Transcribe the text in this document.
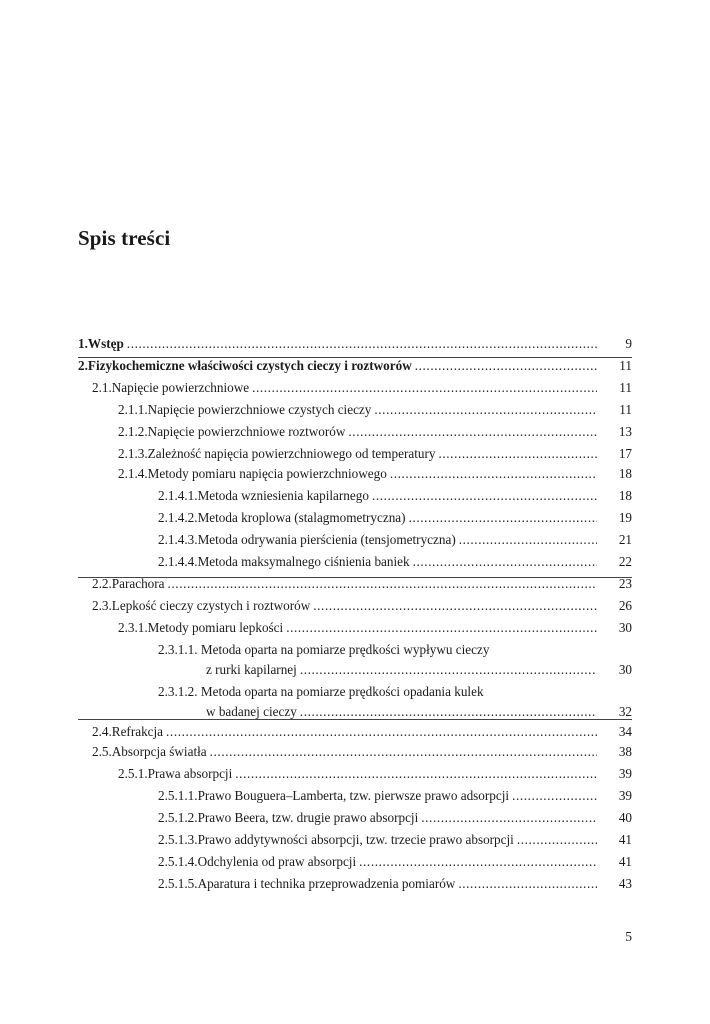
Spis treści
1. Wstęp .....	9
2. Fizykochemiczne właściwości czystych cieczy i roztworów .....	11
2.1. Napięcie powierzchniowe .....	11
2.1.1. Napięcie powierzchniowe czystych cieczy .....	11
2.1.2. Napięcie powierzchniowe roztworów .....	13
2.1.3. Zależność napięcia powierzchniowego od temperatury .....	17
2.1.4. Metody pomiaru napięcia powierzchniowego .....	18
2.1.4.1. Metoda wzniesienia kapilarnego .....	18
2.1.4.2. Metoda kroplowa (stalagmometryczna) .....	19
2.1.4.3. Metoda odrywania pierścienia (tensjometryczna) .....	21
2.1.4.4. Metoda maksymalnego ciśnienia baniek .....	22
2.2. Parachora .....	23
2.3. Lepkość cieczy czystych i roztworów .....	26
2.3.1. Metody pomiaru lepkości .....	30
2.3.1.1. Metoda oparta na pomiarze prędkości wypływu cieczy
z rurki kapilarnej .....	30
2.3.1.2. Metoda oparta na pomiarze prędkości opadania kulek
w badanej cieczy .....	32
2.4. Refrakcja .....	34
2.5. Absorpcja światła .....	38
2.5.1. Prawa absorpcji .....	39
2.5.1.1. Prawo Bouguera–Lamberta, tzw. pierwsze prawo adsorpcji .....	39
2.5.1.2. Prawo Beera, tzw. drugie prawo absorpcji .....	40
2.5.1.3. Prawo addytywności absorpcji, tzw. trzecie prawo absorpcji .....	41
2.5.1.4. Odchylenia od praw absorpcji .....	41
2.5.1.5. Aparatura i technika przeprowadzenia pomiarów .....	43
5
